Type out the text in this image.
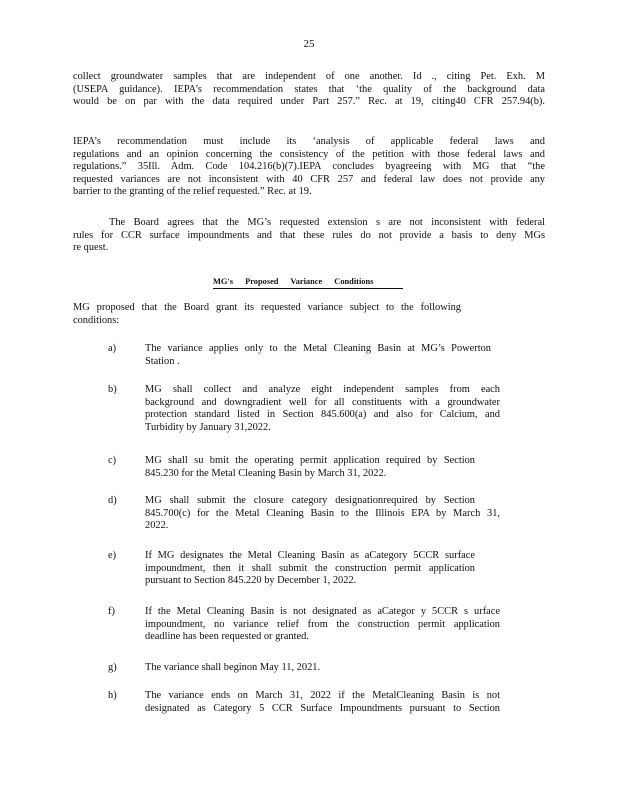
25
collect groundwater samples that are independent of one another. Id ., citing Pet. Exh. M
(USEPA guidance). IEPA’s recommendation states that ‘the quality of the background data
would be on par with the data required under Part 257.” Rec. at 19, citing40 CFR 257.94(b).
IEPA’s recommendation must include its ‘analysis of applicable federal laws and
regulations and an opinion concerning the consistency of the petition with those federal laws and
regulations.” 35Ill. Adm. Code 104.216(b)(7).IEPA concludes byagreeing with MG that “the
requested variances are not inconsistent with 40 CFR 257 and federal law does not provide any
barrier to the granting of the relief requested.” Rec. at 19.
The Board agrees that the MG’s requested extension s are not inconsistent with federal
rules for CCR surface impoundments and that these rules do not provide a basis to deny MGs
re quest.
MG's Proposed Variance Conditions
MG proposed that the Board grant its requested variance subject to the following
conditions:
a)	The variance applies only to the Metal Cleaning Basin at MG’s Powerton
Station .
b)	MG shall collect and analyze eight independent samples from each
background and downgradient well for all constituents with a groundwater
protection standard listed in Section 845.600(a) and also for Calcium, and
Turbidity by January 31,2022.
c)	MG shall su bmit the operating permit application required by Section
845.230 for the Metal Cleaning Basin by March 31, 2022.
d)	MG shall submit the closure category designationrequired by Section
845.700(c) for the Metal Cleaning Basin to the Illinois EPA by March 31,
2022.
e)	If MG designates the Metal Cleaning Basin as aCategory 5CCR surface
impoundment, then it shall submit the construction permit application
pursuant to Section 845.220 by December 1, 2022.
f)	If the Metal Cleaning Basin is not designated as aCategor y 5CCR s urface
impoundment, no variance relief from the construction permit application
deadline has been requested or granted.
g)	The variance shall beginon May 11, 2021.
h)	The variance ends on March 31, 2022 if the MetalCleaning Basin is not
designated as Category 5 CCR Surface Impoundments pursuant to Section
